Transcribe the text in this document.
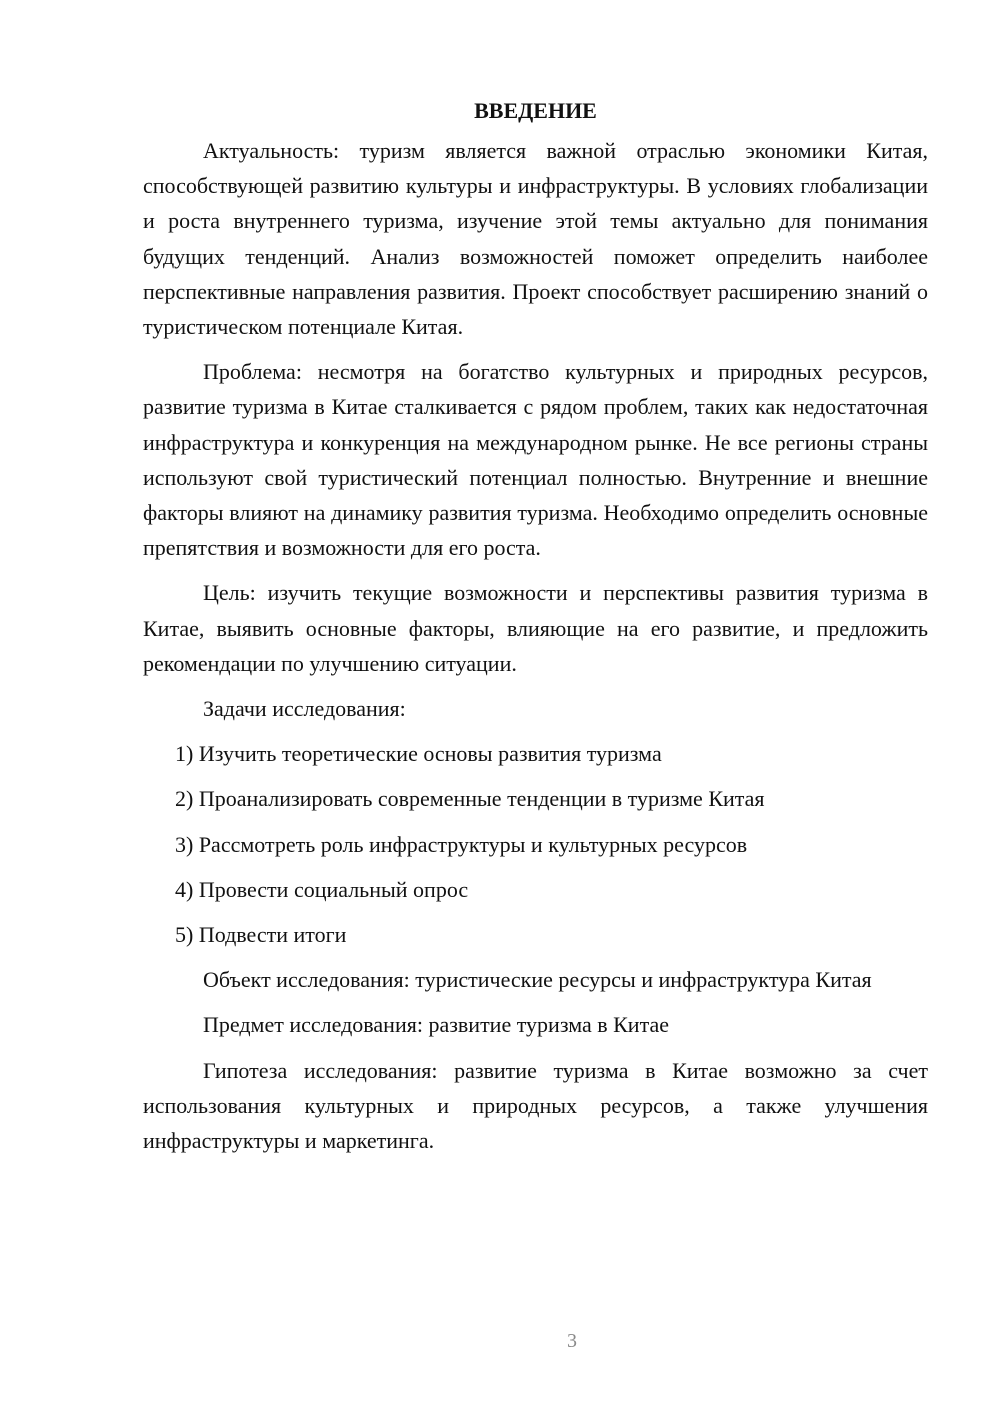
ВВЕДЕНИЕ

Актуальность: туризм является важной отраслью экономики Китая, способствующей развитию культуры и инфраструктуры. В условиях глобализации и роста внутреннего туризма, изучение этой темы актуально для понимания будущих тенденций. Анализ возможностей поможет определить наиболее перспективные направления развития. Проект способствует расширению знаний о туристическом потенциале Китая.

Проблема: несмотря на богатство культурных и природных ресурсов, развитие туризма в Китае сталкивается с рядом проблем, таких как недостаточная инфраструктура и конкуренция на международном рынке. Не все регионы страны используют свой туристический потенциал полностью. Внутренние и внешние факторы влияют на динамику развития туризма. Необходимо определить основные препятствия и возможности для его роста.

Цель: изучить текущие возможности и перспективы развития туризма в Китае, выявить основные факторы, влияющие на его развитие, и предложить рекомендации по улучшению ситуации.

Задачи исследования:

1) Изучить теоретические основы развития туризма

2) Проанализировать современные тенденции в туризме Китая

3) Рассмотреть роль инфраструктуры и культурных ресурсов

4) Провести социальный опрос

5) Подвести итоги

Объект исследования: туристические ресурсы и инфраструктура Китая

Предмет исследования: развитие туризма в Китае

Гипотеза исследования: развитие туризма в Китае возможно за счет использования культурных и природных ресурсов, а также улучшения инфраструктуры и маркетинга.

3
